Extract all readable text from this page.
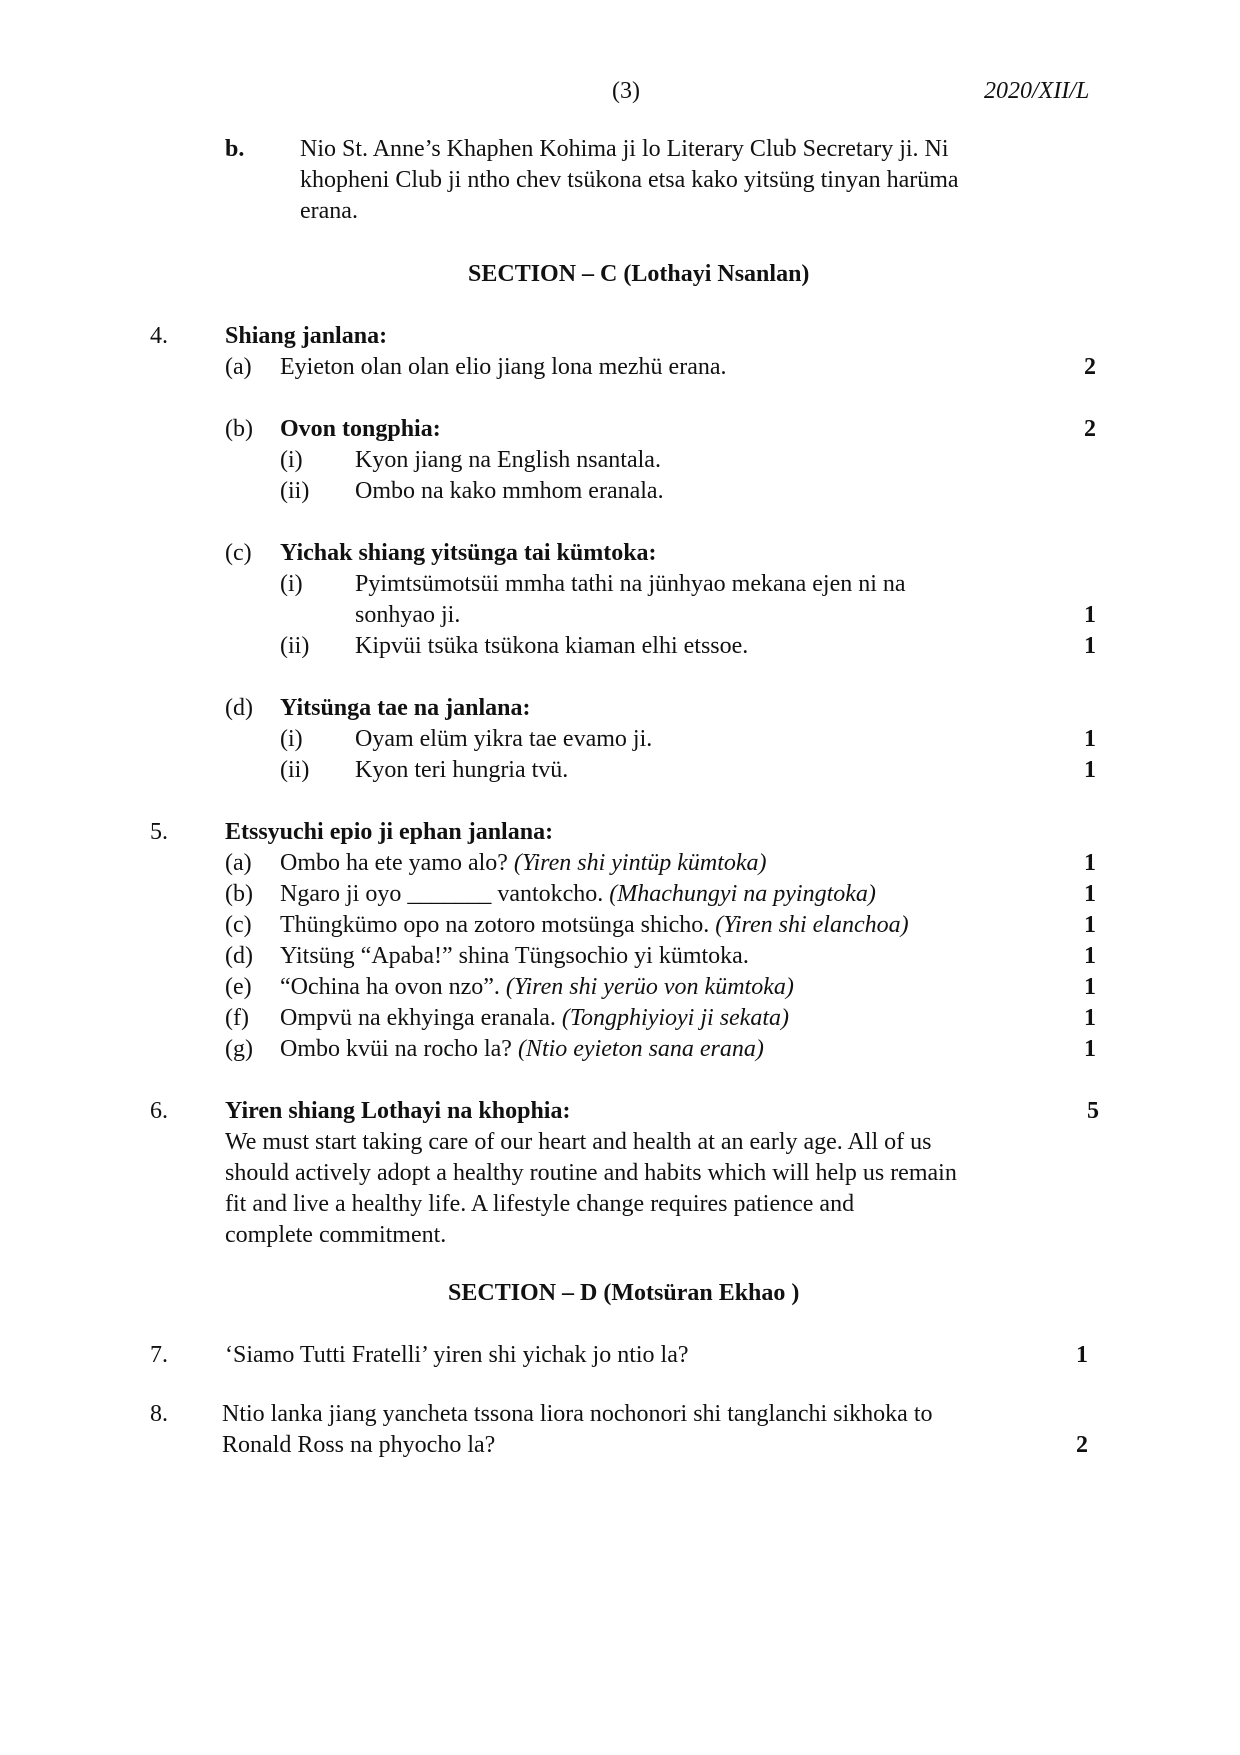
(3)	2020/XII/L
b. Nio St. Anne’s Khaphen Kohima ji lo Literary Club Secretary ji. Ni
khopheni Club ji ntho chev tsükona etsa kako yitsüng tinyan harüma
erana.
SECTION – C (Lothayi Nsanlan)
4. Shiang janlana:
(a) Eyieton olan olan elio jiang lona mezhü erana.	2
(b) Ovon tongphia:	2
(i) Kyon jiang na English nsantala.
(ii) Ombo na kako mmhom eranala.
(c) Yichak shiang yitsünga tai kümtoka:
(i) Pyimtsümotsüi mmha tathi na jünhyao mekana ejen ni na
sonhyao ji.	1
(ii) Kipvüi tsüka tsükona kiaman elhi etssoe.	1
(d) Yitsünga tae na janlana:
(i) Oyam elüm yikra tae evamo ji.	1
(ii) Kyon teri hungria tvü.	1
5. Etssyuchi epio ji ephan janlana:
(a) Ombo ha ete yamo alo? (Yiren shi yintüp kümtoka)	1
(b) Ngaro ji oyo _______ vantokcho. (Mhachungyi na pyingtoka)	1
(c) Thüngkümo opo na zotoro motsünga shicho. (Yiren shi elanchoa)	1
(d) Yitsüng “Apaba!” shina Tüngsochio yi kümtoka.	1
(e) “Ochina ha ovon nzo”. (Yiren shi yerüo von kümtoka)	1
(f) Ompvü na ekhyinga eranala. (Tongphiyioyi ji sekata)	1
(g) Ombo kvüi na rocho la? (Ntio eyieton sana erana)	1
6. Yiren shiang Lothayi na khophia:	5
We must start taking care of our heart and health at an early age. All of us
should actively adopt a healthy routine and habits which will help us remain
fit and live a healthy life. A lifestyle change requires patience and
complete commitment.
SECTION – D (Motsüran Ekhao )
7. ‘Siamo Tutti Fratelli’ yiren shi yichak jo ntio la?	1
8. Ntio lanka jiang yancheta tssona liora nochonori shi tanglanchi sikhoka to
Ronald Ross na phyocho la?	2
